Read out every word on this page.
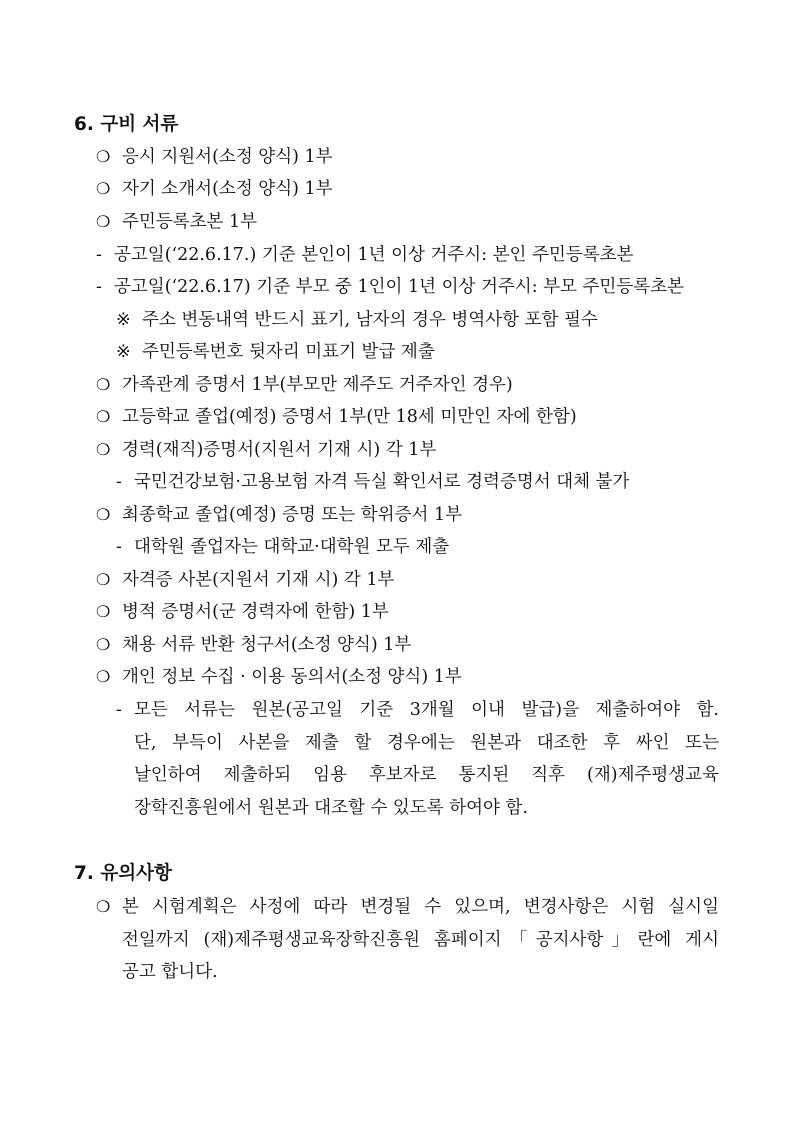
6. 구비 서류
❍ 응시 지원서(소정 양식) 1부
❍ 자기 소개서(소정 양식) 1부
❍ 주민등록초본 1부
- 공고일(‘22.6.17.) 기준 본인이 1년 이상 거주시: 본인 주민등록초본
- 공고일(‘22.6.17) 기준 부모 중 1인이 1년 이상 거주시: 부모 주민등록초본
※ 주소 변동내역 반드시 표기, 남자의 경우 병역사항 포함 필수
※ 주민등록번호 뒷자리 미표기 발급 제출
❍ 가족관계 증명서 1부(부모만 제주도 거주자인 경우)
❍ 고등학교 졸업(예정) 증명서 1부(만 18세 미만인 자에 한함)
❍ 경력(재직)증명서(지원서 기재 시) 각 1부
- 국민건강보험·고용보험 자격 득실 확인서로 경력증명서 대체 불가
❍ 최종학교 졸업(예정) 증명 또는 학위증서 1부
- 대학원 졸업자는 대학교·대학원 모두 제출
❍ 자격증 사본(지원서 기재 시) 각 1부
❍ 병적 증명서(군 경력자에 한함) 1부
❍ 채용 서류 반환 청구서(소정 양식) 1부
❍ 개인 정보 수집 · 이용 동의서(소정 양식) 1부
- 모든 서류는 원본(공고일 기준 3개월 이내 발급)을 제출하여야 함.
단, 부득이 사본을 제출 할 경우에는 원본과 대조한 후 싸인 또는
날인하여 제출하되 임용 후보자로 통지된 직후 (재)제주평생교육
장학진흥원에서 원본과 대조할 수 있도록 하여야 함.
7. 유의사항
❍ 본 시험계획은 사정에 따라 변경될 수 있으며, 변경사항은 시험 실시일
전일까지 (재)제주평생교육장학진흥원 홈페이지「공지사항」란에 게시
공고 합니다.
